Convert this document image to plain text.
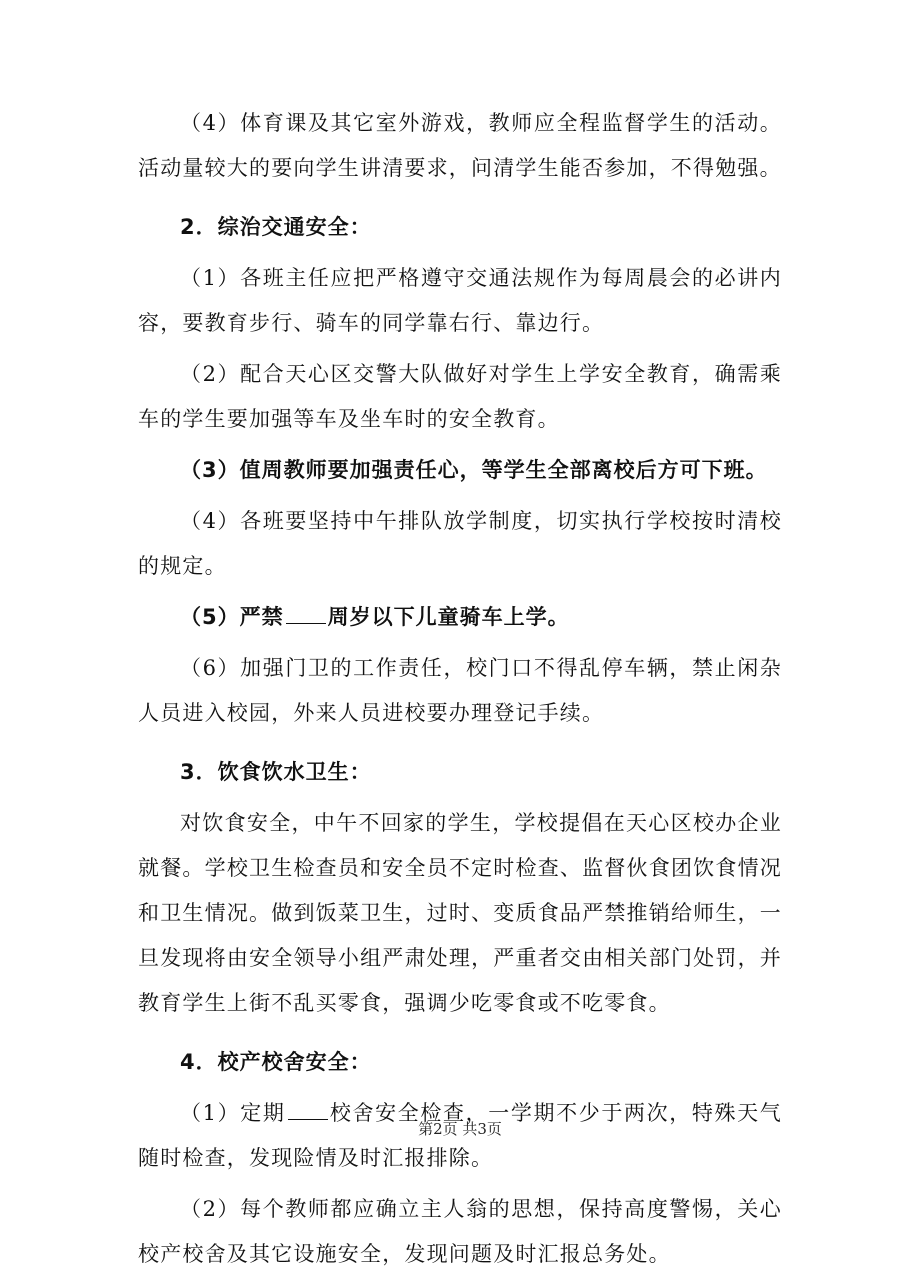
（4）体育课及其它室外游戏，教师应全程监督学生的活动。活动量较大的要向学生讲清要求，问清学生能否参加，不得勉强。

2．综治交通安全：

（1）各班主任应把严格遵守交通法规作为每周晨会的必讲内容，要教育步行、骑车的同学靠右行、靠边行。

（2）配合天心区交警大队做好对学生上学安全教育，确需乘车的学生要加强等车及坐车时的安全教育。

（3）值周教师要加强责任心，等学生全部离校后方可下班。

（4）各班要坚持中午排队放学制度，切实执行学校按时清校的规定。

（5）严禁 周岁以下儿童骑车上学。

（6）加强门卫的工作责任，校门口不得乱停车辆，禁止闲杂人员进入校园，外来人员进校要办理登记手续。

3．饮食饮水卫生：

对饮食安全，中午不回家的学生，学校提倡在天心区校办企业就餐。学校卫生检查员和安全员不定时检查、监督伙食团饮食情况和卫生情况。做到饭菜卫生，过时、变质食品严禁推销给师生，一旦发现将由安全领导小组严肃处理，严重者交由相关部门处罚，并教育学生上街不乱买零食，强调少吃零食或不吃零食。

4．校产校舍安全：

（1）定期 校舍安全检查，一学期不少于两次，特殊天气随时检查，发现险情及时汇报排除。

（2）每个教师都应确立主人翁的思想，保持高度警惕，关心校产校舍及其它设施安全，发现问题及时汇报总务处。

第2页 共3页
